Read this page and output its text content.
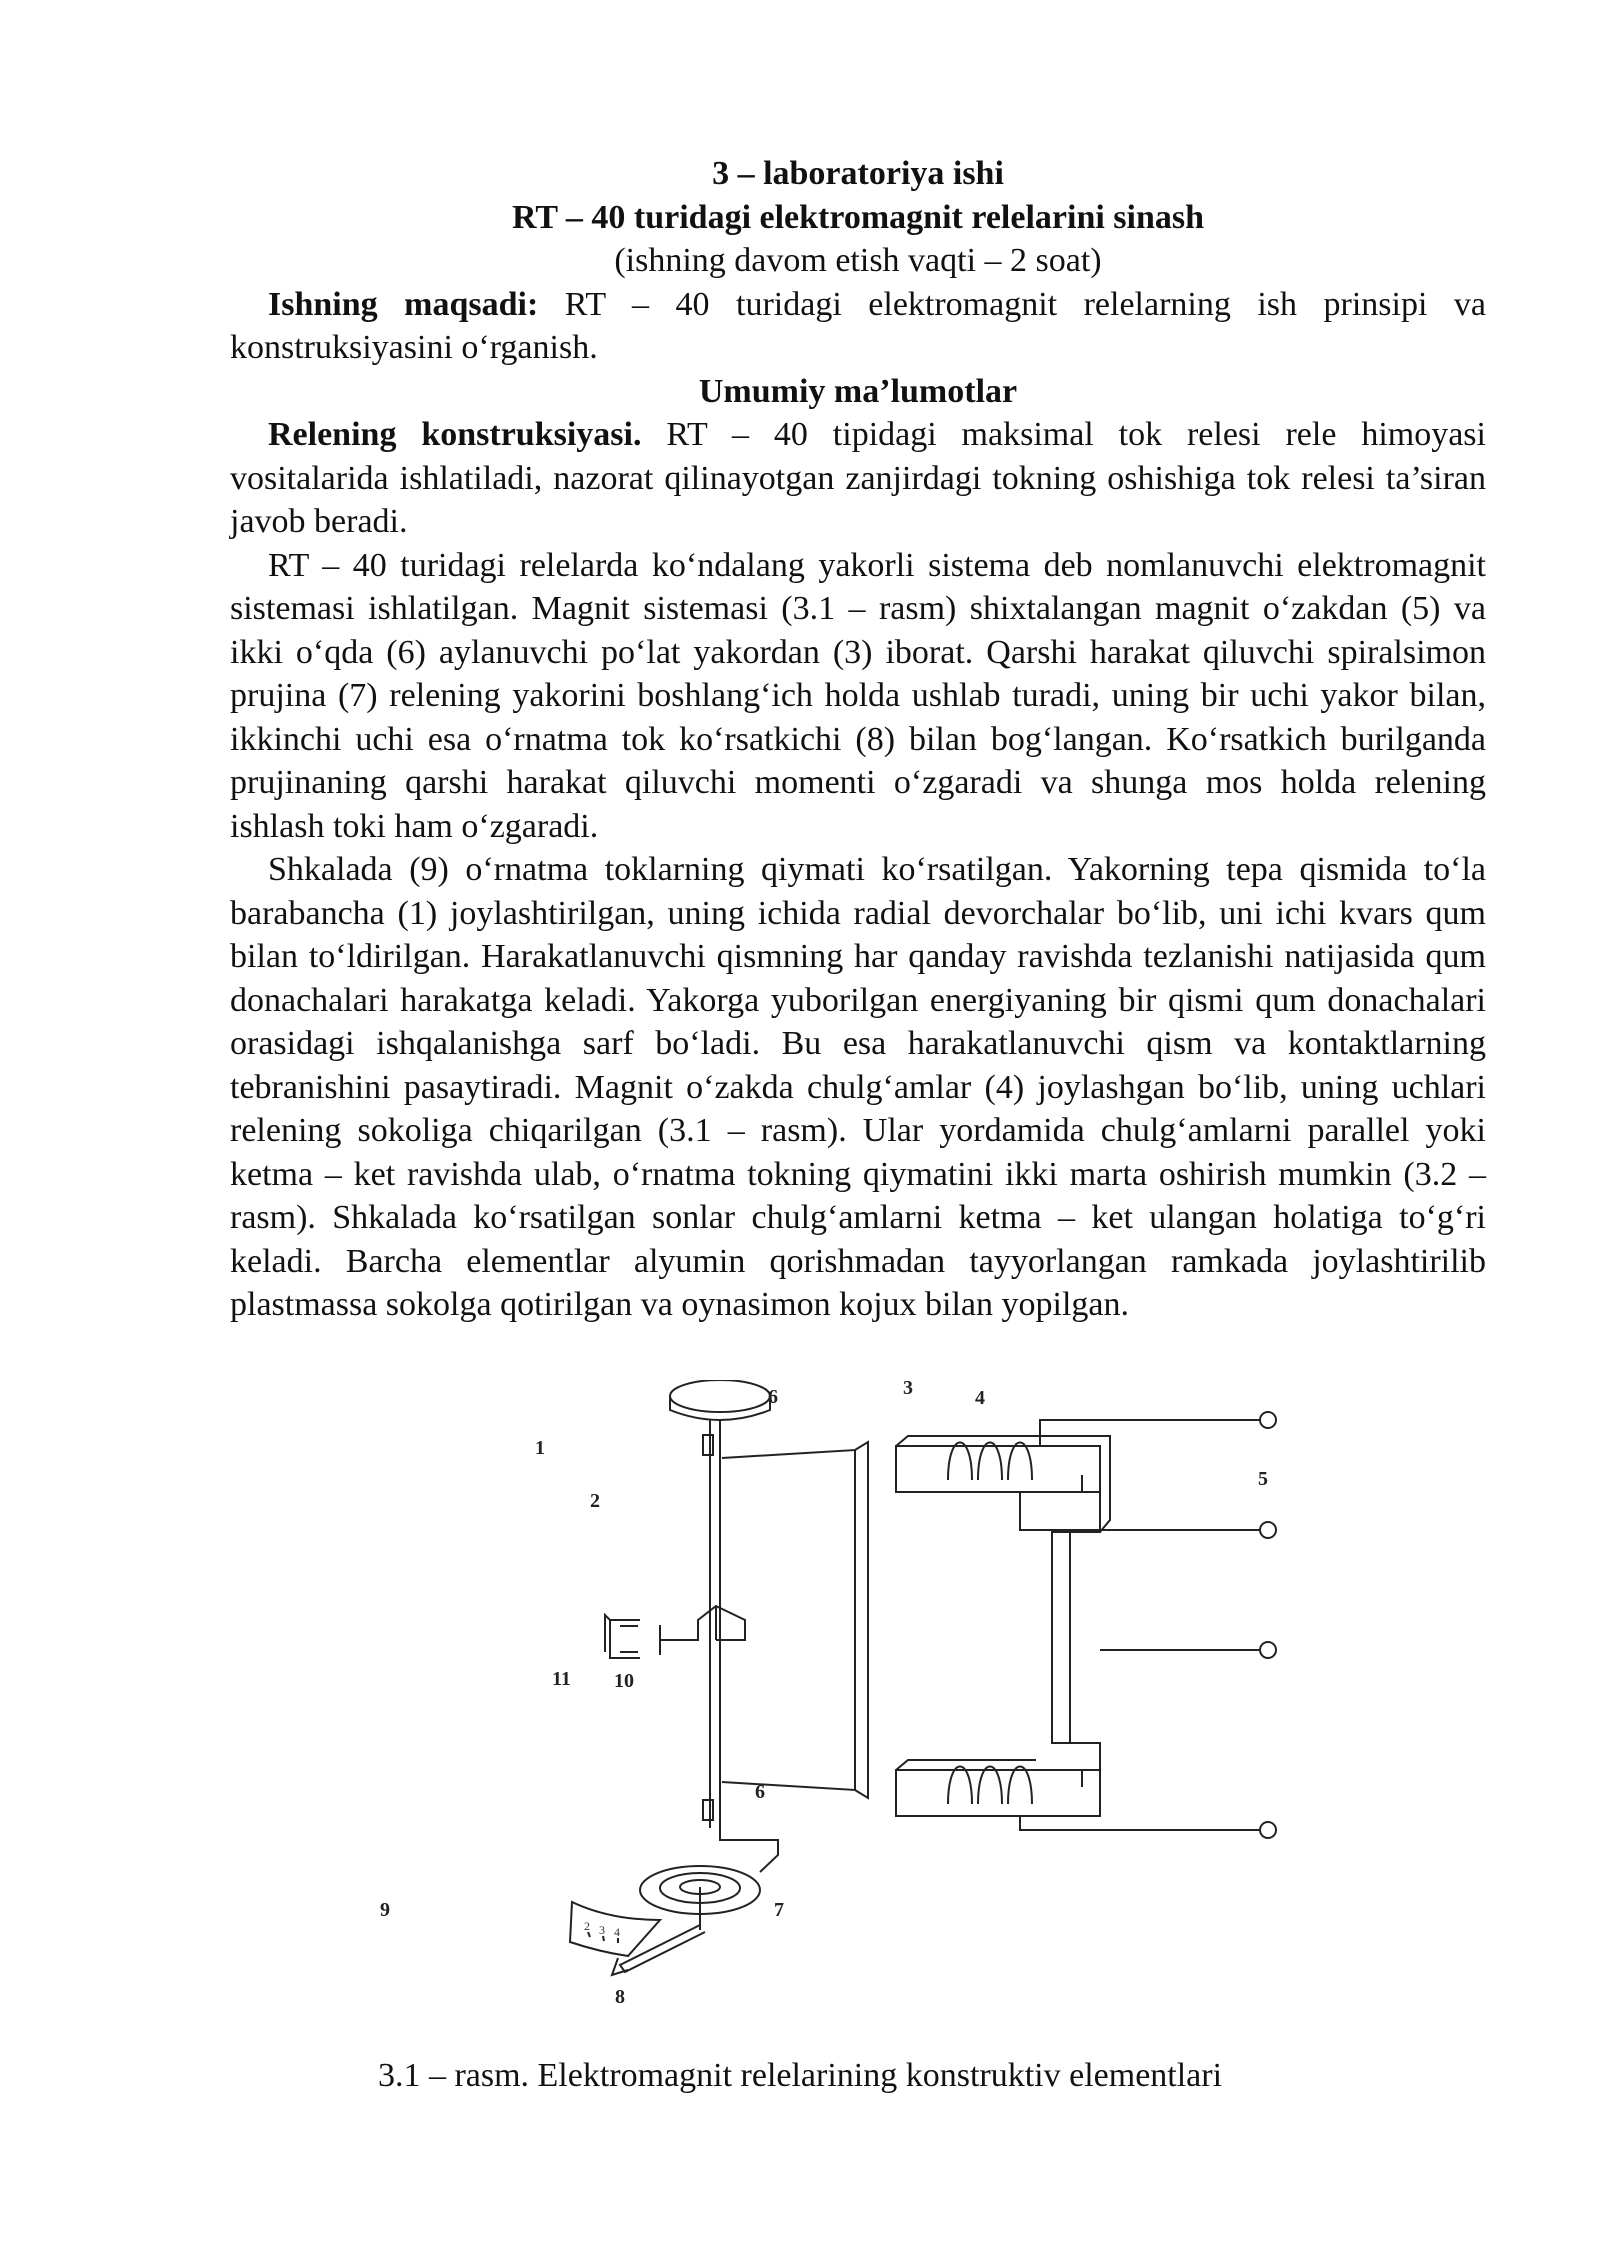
3 – laboratoriya ishi

RT – 40 turidagi elektromagnit relelarini sinash

(ishning davom etish vaqti – 2 soat)

Ishning maqsadi: RT – 40 turidagi elektromagnit relelarning ish prinsipi va konstruksiyasini o‘rganish.

Umumiy ma’lumotlar

Relening konstruksiyasi. RT – 40 tipidagi maksimal tok relesi rele himoyasi vositalarida ishlatiladi, nazorat qilinayotgan zanjirdagi tokning oshishiga tok relesi ta’siran javob beradi.

RT – 40 turidagi relelarda ko‘ndalang yakorli sistema deb nomlanuvchi elektromagnit sistemasi ishlatilgan. Magnit sistemasi (3.1 – rasm) shixtalangan magnit o‘zakdan (5) va ikki o‘qda (6) aylanuvchi po‘lat yakordan (3) iborat. Qarshi harakat qiluvchi spiralsimon prujina (7) relening yakorini boshlang‘ich holda ushlab turadi, uning bir uchi yakor bilan, ikkinchi uchi esa o‘rnatma tok ko‘rsatkichi (8) bilan bog‘langan. Ko‘rsatkich burilganda prujinaning qarshi harakat qiluvchi momenti o‘zgaradi va shunga mos holda relening ishlash toki ham o‘zgaradi.

Shkalada (9) o‘rnatma toklarning qiymati ko‘rsatilgan. Yakorning tepa qismida to‘la barabancha (1) joylashtirilgan, uning ichida radial devorchalar bo‘lib, uni ichi kvars qum bilan to‘ldirilgan. Harakatlanuvchi qismning har qanday ravishda tezlanishi natijasida qum donachalari harakatga keladi. Yakorga yuborilgan energiyaning bir qismi qum donachalari orasidagi ishqalanishga sarf bo‘ladi. Bu esa harakatlanuvchi qism va kontaktlarning tebranishini pasaytiradi. Magnit o‘zakda chulg‘amlar (4) joylashgan bo‘lib, uning uchlari relening sokoliga chiqarilgan (3.1 – rasm). Ular yordamida chulg‘amlarni parallel yoki ketma – ket ravishda ulab, o‘rnatma tokning qiymatini ikki marta oshirish mumkin (3.2 – rasm). Shkalada ko‘rsatilgan sonlar chulg‘amlarni ketma – ket ulangan holatiga to‘g‘ri keladi. Barcha elementlar alyumin qorishmadan tayyorlangan ramkada joylashtirilib plastmassa sokolga qotirilgan va oynasimon kojux bilan yopilgan.

1
2
3	4
5
6
6
7
8
9
10
11
2 3 4

3.1 – rasm. Elektromagnit relelarining konstruktiv elementlari
